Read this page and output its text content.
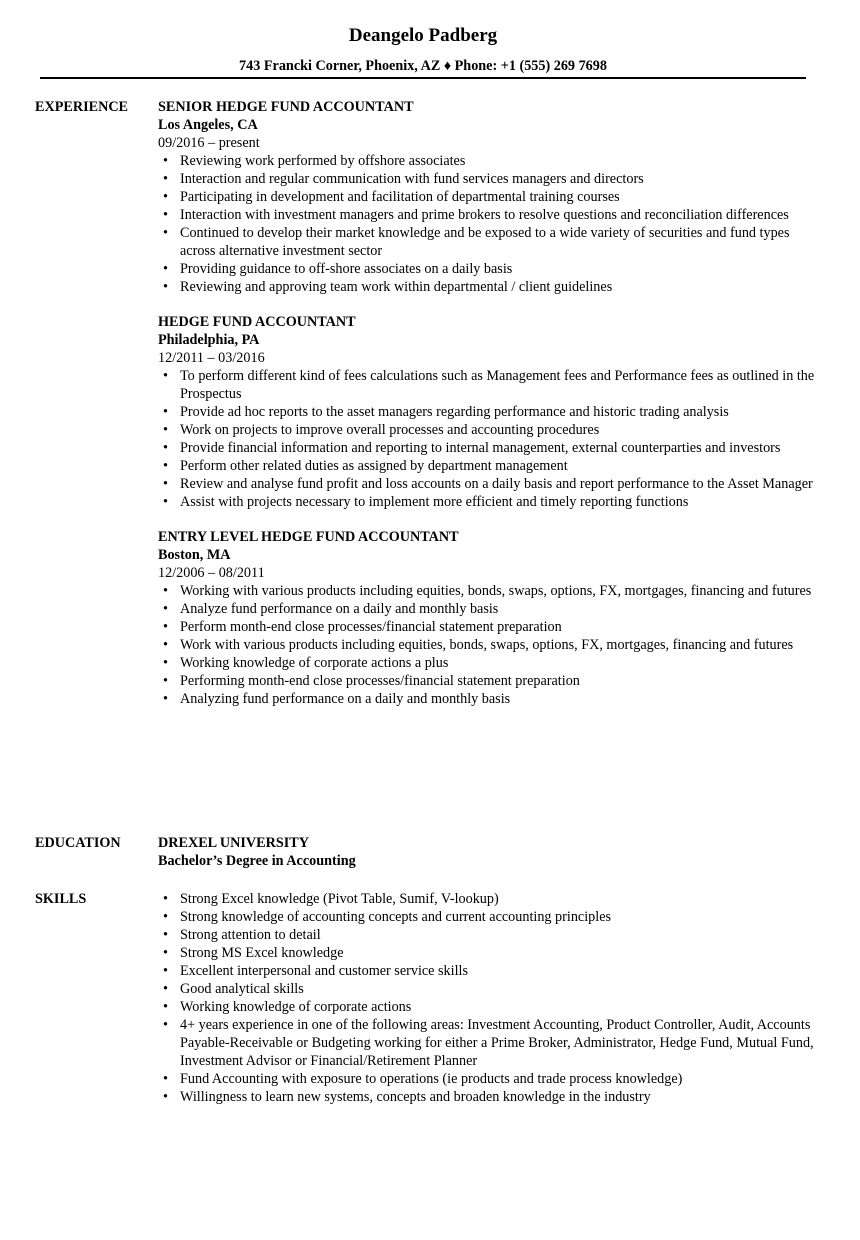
Deangelo Padberg
743 Francki Corner, Phoenix, AZ ♦ Phone: +1 (555) 269 7698
EXPERIENCE SENIOR HEDGE FUND ACCOUNTANT
Los Angeles, CA
09/2016 – present
• Reviewing work performed by offshore associates
• Interaction and regular communication with fund services managers and directors
• Participating in development and facilitation of departmental training courses
• Interaction with investment managers and prime brokers to resolve questions and reconciliation differences
• Continued to develop their market knowledge and be exposed to a wide variety of securities and fund types across alternative investment sector
• Providing guidance to off-shore associates on a daily basis
• Reviewing and approving team work within departmental / client guidelines
HEDGE FUND ACCOUNTANT
Philadelphia, PA
12/2011 – 03/2016
• To perform different kind of fees calculations such as Management fees and Performance fees as outlined in the Prospectus
• Provide ad hoc reports to the asset managers regarding performance and historic trading analysis
• Work on projects to improve overall processes and accounting procedures
• Provide financial information and reporting to internal management, external counterparties and investors
• Perform other related duties as assigned by department management
• Review and analyse fund profit and loss accounts on a daily basis and report performance to the Asset Manager
• Assist with projects necessary to implement more efficient and timely reporting functions
ENTRY LEVEL HEDGE FUND ACCOUNTANT
Boston, MA
12/2006 – 08/2011
• Working with various products including equities, bonds, swaps, options, FX, mortgages, financing and futures
• Analyze fund performance on a daily and monthly basis
• Perform month-end close processes/financial statement preparation
• Work with various products including equities, bonds, swaps, options, FX, mortgages, financing and futures
• Working knowledge of corporate actions a plus
• Performing month-end close processes/financial statement preparation
• Analyzing fund performance on a daily and monthly basis
EDUCATION	DREXEL UNIVERSITY
Bachelor’s Degree in Accounting
SKILLS	• Strong Excel knowledge (Pivot Table, Sumif, V-lookup)
• Strong knowledge of accounting concepts and current accounting principles
• Strong attention to detail
• Strong MS Excel knowledge
• Excellent interpersonal and customer service skills
• Good analytical skills
• Working knowledge of corporate actions
• 4+ years experience in one of the following areas: Investment Accounting, Product Controller, Audit, Accounts Payable-Receivable or Budgeting working for either a Prime Broker, Administrator, Hedge Fund, Mutual Fund, Investment Advisor or Financial/Retirement Planner
• Fund Accounting with exposure to operations (ie products and trade process knowledge)
• Willingness to learn new systems, concepts and broaden knowledge in the industry
